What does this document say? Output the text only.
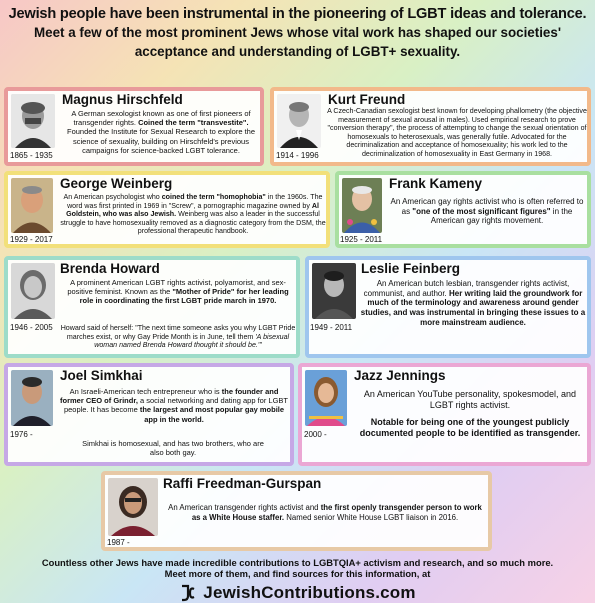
Jewish people have been instrumental in the pioneering of LGBT ideas and tolerance.
Meet a few of the most prominent Jews whose vital work has shaped our societies'
acceptance and understanding of LGBT+ sexuality.
Magnus Hirschfeld
A German sexologist known as one of first pioneers of transgender rights. Coined the term "transvestite". Founded the Institute for Sexual Research to explore the science of sexuality, building on Hirschfeld's previous campaigns for science-backed LGBT tolerance.
1865 - 1935
Kurt Freund
A Czech-Canadian sexologist best known for developing phallometry (the objective measurement of sexual arousal in males). Used empirical research to prove "conversion therapy", the process of attempting to change the sexual orientation of homosexuals to heterosexuals, was generally futile. Advocated for the decriminalization and acceptance of homosexuality; his work led to the decriminalization of homosexuality in East Germany in 1968.
1914 - 1996
George Weinberg
An American psychologist who coined the term "homophobia" in the 1960s. The word was first printed in 1969 in "Screw", a pornographic magazine owned by Al Goldstein, who was also Jewish. Weinberg was also a leader in the successful struggle to have homosexuality removed as a diagnostic category from the DSM, the professional therapeutic handbook.
1929 - 2017
Frank Kameny
An American gay rights activist who is often referred to as "one of the most significant figures" in the American gay rights movement.
1925 - 2011
Brenda Howard
A prominent American LGBT rights activist, polyamorist, and sex-positive feminist. Known as the "Mother of Pride" for her leading role in coordinating the first LGBT pride march in 1970.
Howard said of herself: "The next time someone asks you why LGBT Pride marches exist, or why Gay Pride Month is in June, tell them 'A bisexual woman named Brenda Howard thought it should be.'"
1946 - 2005
Leslie Feinberg
An American butch lesbian, transgender rights activist, communist, and author. Her writing laid the groundwork for much of the terminology and awareness around gender studies, and was instrumental in bringing these issues to a more mainstream audience.
1949 - 2011
Joel Simkhai
An Israeli-American tech entrepreneur who is the founder and former CEO of Grindr, a social networking and dating app for LGBT people. It has become the largest and most popular gay mobile app in the world.
Simkhai is homosexual, and has two brothers, who are also both gay.
1976 -
Jazz Jennings
An American YouTube personality, spokesmodel, and LGBT rights activist.
Notable for being one of the youngest publicly documented people to be identified as transgender.
2000 -
Raffi Freedman-Gurspan
An American transgender rights activist and the first openly transgender person to work as a White House staffer. Named senior White House LGBT liaison in 2016.
1987 -
Countless other Jews have made incredible contributions to LGBTQIA+ activism and research, and so much more.
Meet more of them, and find sources for this information, at
JewishContributions.com
